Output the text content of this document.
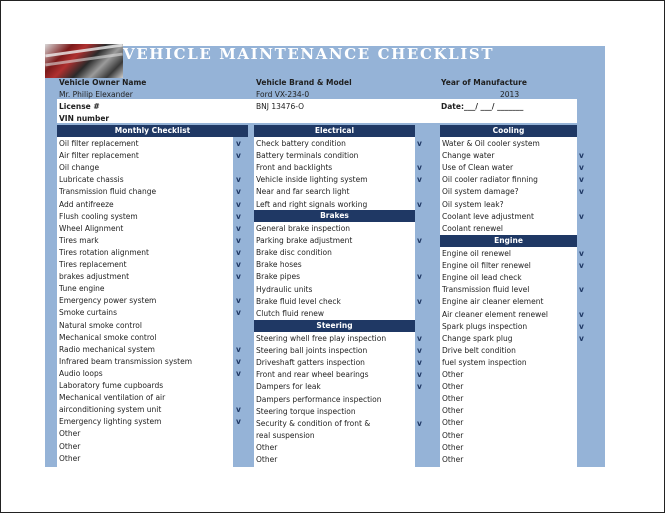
VEHICLE MAINTENANCE CHECKLIST
Vehicle Owner Name
Mr. Philip Elexander
Vehicle Brand & Model
Ford VX-234-0
Year of Manufacture
2013
License #	BNJ 13476-O	Date:___/ ___/ _______
VIN number
Monthly Checklist
Oil filter replacement	v
Air filter replacement	v
Oil change
Lubricate chassis	v
Transmission fluid change	v
Add antifreeze	v
Flush cooling system	v
Wheel Alignment	v
Tires mark	v
Tires rotation alignment	v
Tires replacement	v
brakes adjustment	v
Tune engine
Emergency power system	v
Smoke curtains	v
Natural smoke control
Mechanical smoke control
Radio mechanical system	v
Infrared beam transmission system	v
Audio loops	v
Laboratory fume cupboards
Mechanical ventilation of air
airconditioning system unit	v
Emergency lighting system	v
Other
Other
Other
Electrical
Check battery condition	v
Battery terminals condition
Front and backlights	v
Vehicle inside lighting system	v
Near and far search light
Left and right signals working	v
Brakes
General brake inspection
Parking brake adjustment	v
Brake disc condition
Brake hoses
Brake pipes	v
Hydraulic units
Brake fluid level check	v
Clutch fluid renew
Steering
Steering whell free play inspection	v
Steering ball joints inspection	v
Driveshaft gatters inspection	v
Front and rear wheel bearings	v
Dampers for leak	v
Dampers performance inspection
Steering torque inspection
Security & condition of front &	v
real suspension
Other
Other
Cooling
Water & Oil cooler system
Change water	v
Use of Clean water	v
Oil cooler radiator finning	v
Oil system damage?	v
Oil system leak?
Coolant leve adjustment	v
Coolant renewel
Engine
Engine oil renewel	v
Engine oil filter renewel	v
Engine oil lead check
Transmission fluid level	v
Engine air cleaner element
Air cleaner element renewel	v
Spark plugs inspection	v
Change spark plug	v
Drive belt condition
fuel system inspection
Other
Other
Other
Other
Other
Other
Other
Other
